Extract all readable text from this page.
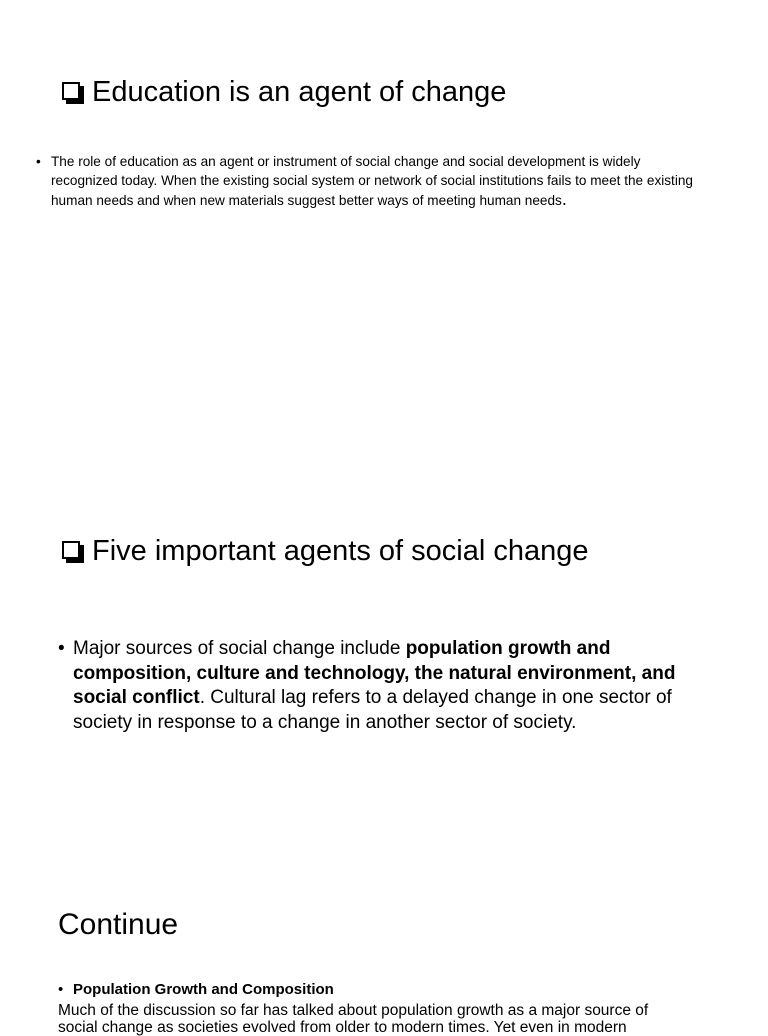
Education is an agent of change
• The role of education as an agent or instrument of social change and social development is widely recognized today. When the existing social system or network of social institutions fails to meet the existing human needs and when new materials suggest better ways of meeting human needs.
Five important agents of social change
• Major sources of social change include population growth and composition, culture and technology, the natural environment, and social conflict. Cultural lag refers to a delayed change in one sector of society in response to a change in another sector of society.
Continue
• Population Growth and Composition
Much of the discussion so far has talked about population growth as a major source of
social change as societies evolved from older to modern times. Yet even in modern
